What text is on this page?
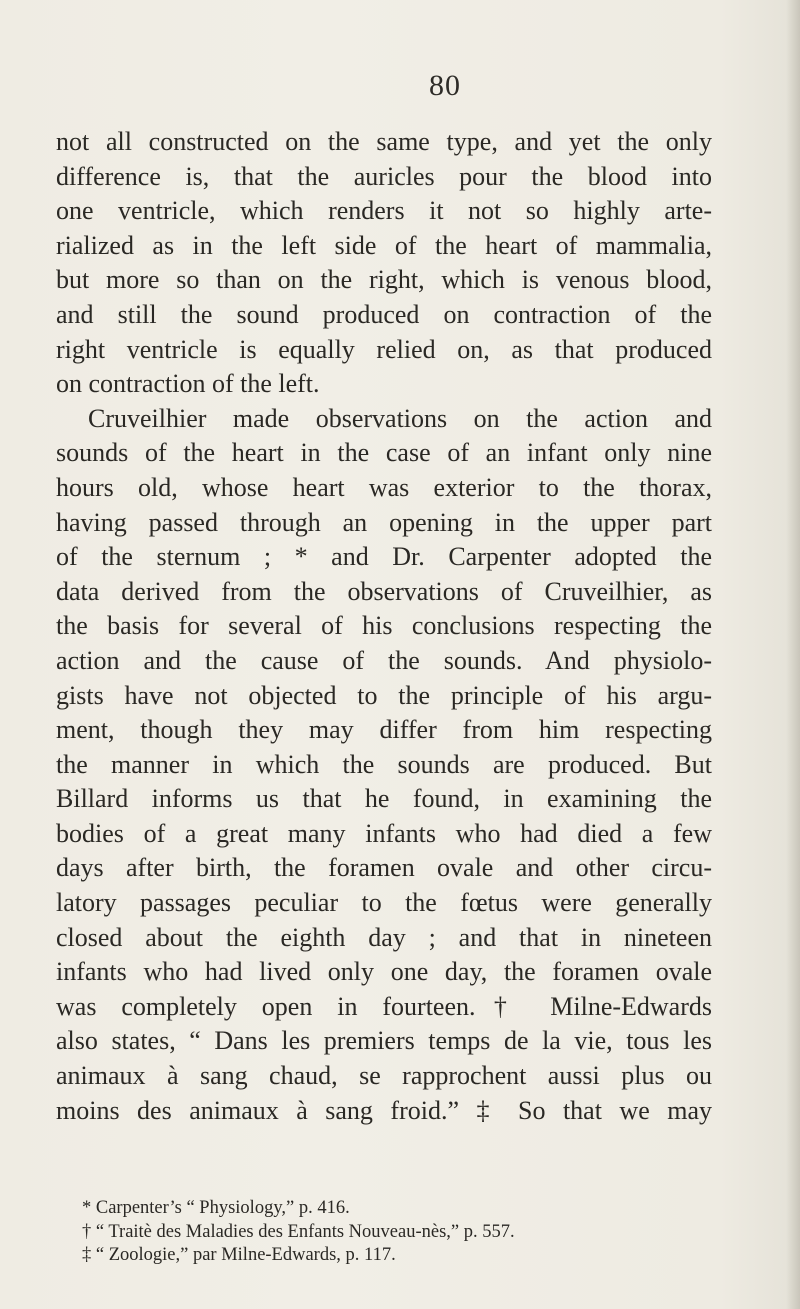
80
not all constructed on the same type, and yet the only
difference is, that the auricles pour the blood into
one ventricle, which renders it not so highly arte-
rialized as in the left side of the heart of mammalia,
but more so than on the right, which is venous blood,
and still the sound produced on contraction of the
right ventricle is equally relied on, as that produced
on contraction of the left.
Cruveilhier made observations on the action and
sounds of the heart in the case of an infant only nine
hours old, whose heart was exterior to the thorax,
having passed through an opening in the upper part
of the sternum ; * and Dr. Carpenter adopted the
data derived from the observations of Cruveilhier, as
the basis for several of his conclusions respecting the
action and the cause of the sounds. And physiolo-
gists have not objected to the principle of his argu-
ment, though they may differ from him respecting
the manner in which the sounds are produced. But
Billard informs us that he found, in examining the
bodies of a great many infants who had died a few
days after birth, the foramen ovale and other circu-
latory passages peculiar to the fœtus were generally
closed about the eighth day ; and that in nineteen
infants who had lived only one day, the foramen ovale
was completely open in fourteen.† Milne-Edwards
also states, “ Dans les premiers temps de la vie, tous les
animaux à sang chaud, se rapprochent aussi plus ou
moins des animaux à sang froid.” ‡ So that we may
* Carpenter’s “ Physiology,” p. 416.
† “ Traitè des Maladies des Enfants Nouveau-nès,” p. 557.
‡ “ Zoologie,” par Milne-Edwards, p. 117.
